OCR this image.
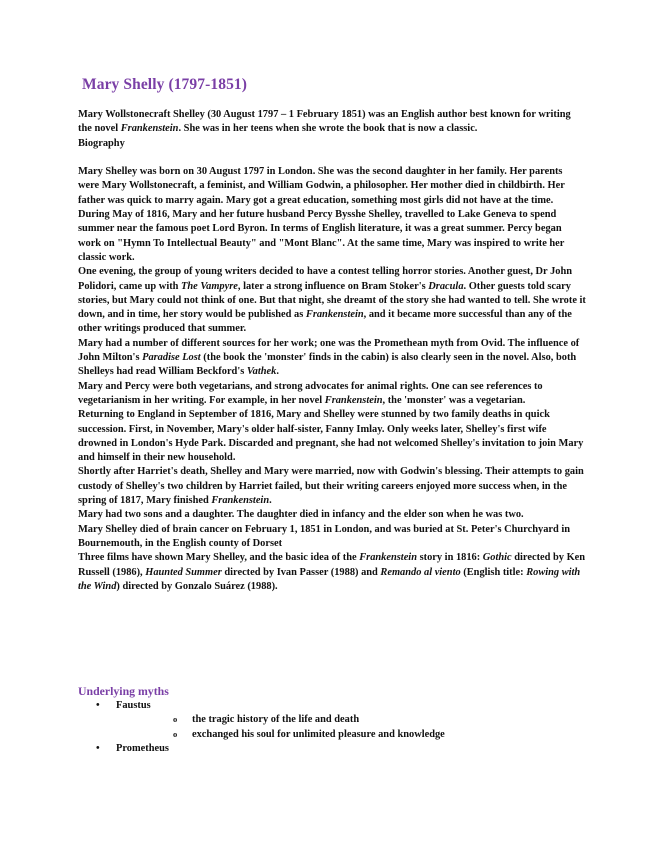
Mary Shelly (1797-1851)

Mary Wollstonecraft Shelley (30 August 1797 – 1 February 1851) was an English author best known for writing the novel Frankenstein. She was in her teens when she wrote the book that is now a classic.

Biography

Mary Shelley was born on 30 August 1797 in London. She was the second daughter in her family. Her parents were Mary Wollstonecraft, a feminist, and William Godwin, a philosopher. Her mother died in childbirth. Her father was quick to marry again. Mary got a great education, something most girls did not have at the time.

During May of 1816, Mary and her future husband Percy Bysshe Shelley, travelled to Lake Geneva to spend summer near the famous poet Lord Byron. In terms of English literature, it was a great summer. Percy began work on "Hymn To Intellectual Beauty" and "Mont Blanc". At the same time, Mary was inspired to write her classic work.

One evening, the group of young writers decided to have a contest telling horror stories. Another guest, Dr John Polidori, came up with The Vampyre, later a strong influence on Bram Stoker's Dracula. Other guests told scary stories, but Mary could not think of one. But that night, she dreamt of the story she had wanted to tell. She wrote it down, and in time, her story would be published as Frankenstein, and it became more successful than any of the other writings produced that summer.

Mary had a number of different sources for her work; one was the Promethean myth from Ovid. The influence of John Milton's Paradise Lost (the book the 'monster' finds in the cabin) is also clearly seen in the novel. Also, both Shelleys had read William Beckford's Vathek.

Mary and Percy were both vegetarians, and strong advocates for animal rights. One can see references to vegetarianism in her writing. For example, in her novel Frankenstein, the 'monster' was a vegetarian.

Returning to England in September of 1816, Mary and Shelley were stunned by two family deaths in quick succession. First, in November, Mary's older half-sister, Fanny Imlay. Only weeks later, Shelley's first wife drowned in London's Hyde Park. Discarded and pregnant, she had not welcomed Shelley's invitation to join Mary and himself in their new household.

Shortly after Harriet's death, Shelley and Mary were married, now with Godwin's blessing. Their attempts to gain custody of Shelley's two children by Harriet failed, but their writing careers enjoyed more success when, in the spring of 1817, Mary finished Frankenstein.

Mary had two sons and a daughter. The daughter died in infancy and the elder son when he was two.

Mary Shelley died of brain cancer on February 1, 1851 in London, and was buried at St. Peter's Churchyard in Bournemouth, in the English county of Dorset

Three films have shown Mary Shelley, and the basic idea of the Frankenstein story in 1816: Gothic directed by Ken Russell (1986), Haunted Summer directed by Ivan Passer (1988) and Remando al viento (English title: Rowing with the Wind) directed by Gonzalo Suárez (1988).

Underlying myths
• Faustus
o the tragic history of the life and death
o exchanged his soul for unlimited pleasure and knowledge
• Prometheus
